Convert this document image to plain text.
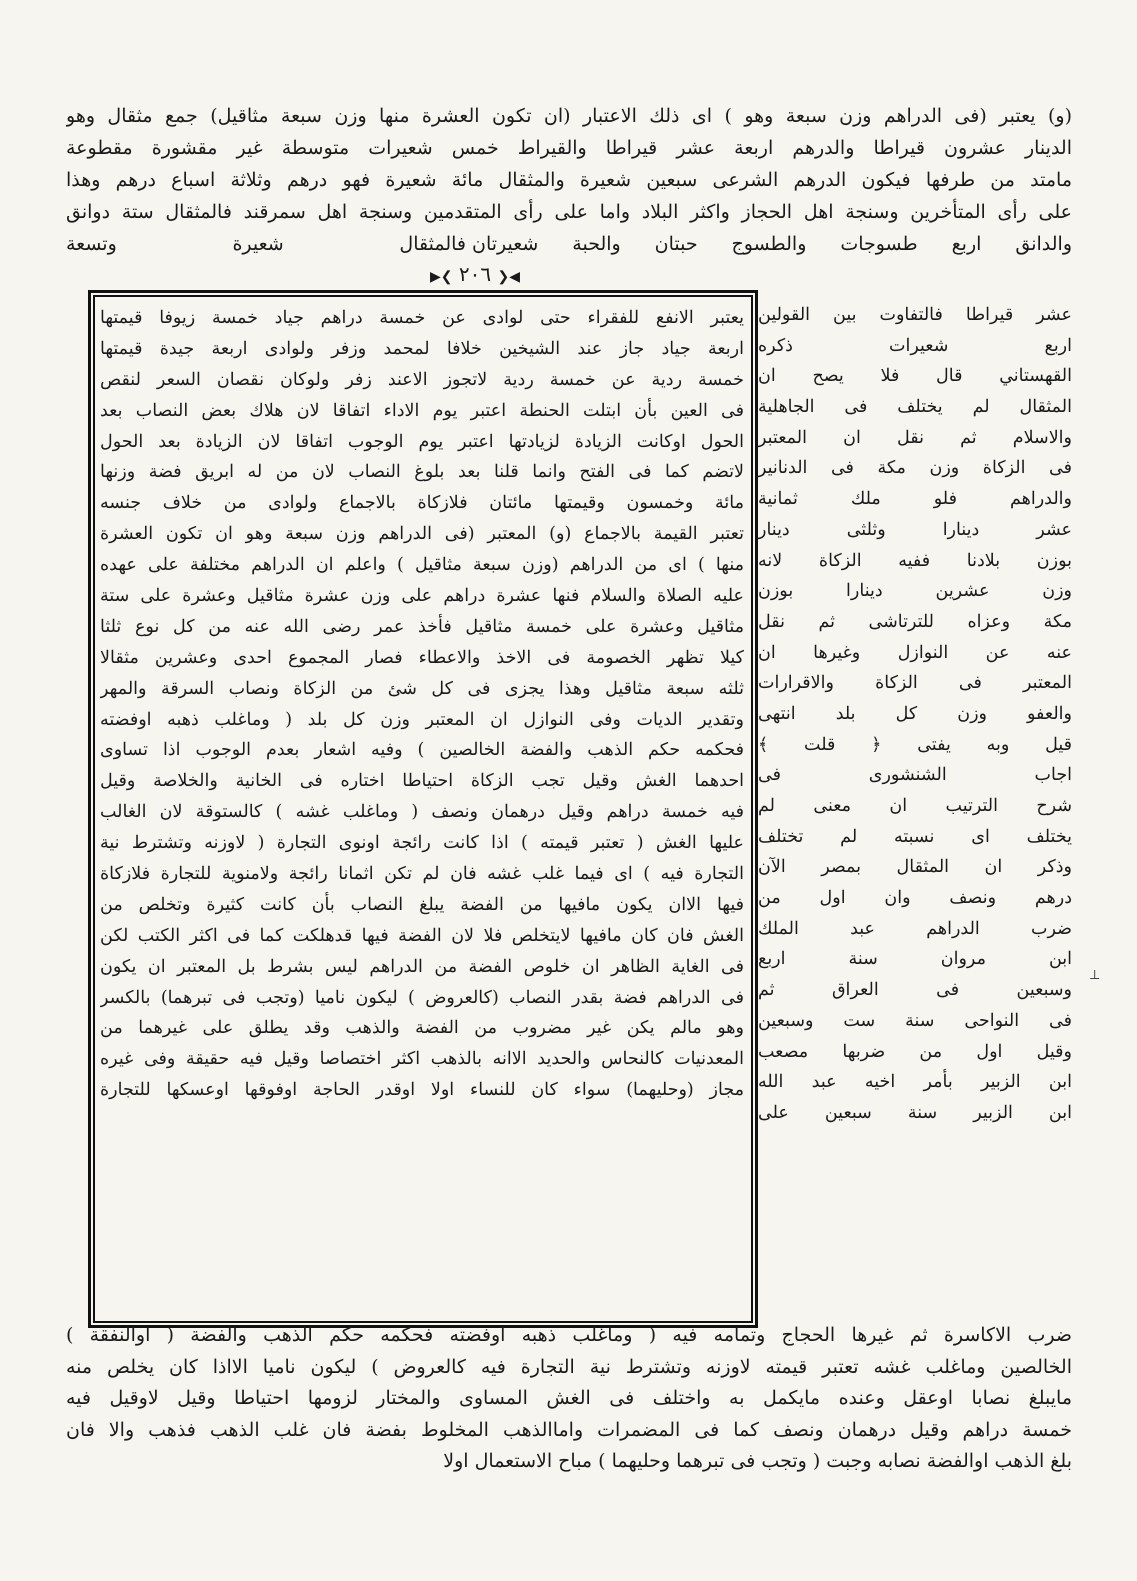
(و) يعتبر (فى الدراهم وزن سبعة وهو ) اى ذلك الاعتبار (ان تكون العشرة منها وزن سبعة مثاقيل) جمع مثقال وهو
الدينار عشرون قيراطا والدرهم اربعة عشر قيراطا والقيراط خمس شعيرات متوسطة غير مقشورة مقطوعة
مامتد من طرفها فيكون الدرهم الشرعى سبعين شعيرة والمثقال مائة شعيرة فهو درهم وثلاثة اسباع درهم وهذا
على رأى المتأخرين وسنجة اهل الحجاز واكثر البلاد واما على رأى المتقدمين وسنجة اهل سمرقند فالمثقال ستة دوانق
والدانق اربع طسوجات والطسوج حبتان والحبة شعيرتان
فالمثقال شعيرة وتسعة
◀❮ ٢٠٦ ❯▶
يعتبر الانفع للفقراء حتى لوادى عن خمسة دراهم جياد خمسة زيوفا قيمتها
اربعة جياد جاز عند الشيخين خلافا لمحمد وزفر ولوادى اربعة جيدة قيمتها
خمسة ردية عن خمسة ردية لاتجوز الاعند زفر ولوكان نقصان السعر لنقص
فى العين بأن ابتلت الحنطة اعتبر يوم الاداء اتفاقا لان هلاك بعض النصاب بعد
الحول اوكانت الزيادة لزيادتها اعتبر يوم الوجوب اتفاقا لان الزيادة بعد الحول
لاتضم كما فى الفتح وانما قلنا بعد بلوغ النصاب لان من له ابريق فضة وزنها
مائة وخمسون وقيمتها مائتان فلازكاة بالاجماع ولوادى من خلاف جنسه
تعتبر القيمة بالاجماع (و) المعتبر (فى الدراهم وزن سبعة وهو ان تكون العشرة
منها ) اى من الدراهم (وزن سبعة مثاقيل ) واعلم ان الدراهم مختلفة على عهده
عليه الصلاة والسلام فنها عشرة دراهم على وزن عشرة مثاقيل وعشرة على ستة
مثاقيل وعشرة على خمسة مثاقيل فأخذ عمر رضى الله عنه من كل نوع ثلثا
كيلا تظهر الخصومة فى الاخذ والاعطاء فصار المجموع احدى وعشرين مثقالا
ثلثه سبعة مثاقيل وهذا يجزى فى كل شئ من الزكاة ونصاب السرقة والمهر
وتقدير الديات وفى النوازل ان المعتبر وزن كل بلد ( وماغلب ذهبه اوفضته
فحكمه حكم الذهب والفضة الخالصين ) وفيه اشعار بعدم الوجوب اذا تساوى
احدهما الغش وقيل تجب الزكاة احتياطا اختاره فى الخانية والخلاصة وقيل
فيه خمسة دراهم وقيل درهمان ونصف ( وماغلب غشه ) كالستوقة لان الغالب
عليها الغش ( تعتبر قيمته ) اذا كانت رائجة اونوى التجارة ( لاوزنه وتشترط نية
التجارة فيه ) اى فيما غلب غشه فان لم تكن اثمانا رائجة ولامنوية للتجارة فلازكاة
فيها الاان يكون مافيها من الفضة يبلغ النصاب بأن كانت كثيرة وتخلص من
الغش فان كان مافيها لايتخلص فلا لان الفضة فيها قدهلكت كما فى اكثر الكتب لكن
فى الغاية الظاهر ان خلوص الفضة من الدراهم ليس بشرط بل المعتبر ان يكون
فى الدراهم فضة بقدر النصاب (كالعروض ) ليكون ناميا (وتجب فى تبرهما) بالكسر
وهو مالم يكن غير مضروب من الفضة والذهب وقد يطلق على غيرهما من
المعدنيات كالنحاس والحديد الاانه بالذهب اكثر اختصاصا وقيل فيه حقيقة وفى غيره
مجاز (وحليهما) سواء كان للنساء اولا اوقدر الحاجة اوفوقها اوعسكها للتجارة
عشر قيراطا فالتفاوت بين القولين
اربع شعيرات ذكره
القهستاني قال فلا يصح ان
المثقال لم يختلف فى الجاهلية
والاسلام ثم نقل ان المعتبر
فى الزكاة وزن مكة فى الدنانير
والدراهم فلو ملك ثمانية
عشر دينارا وثلثى دينار
بوزن بلادنا ففيه الزكاة لانه
وزن عشرين دينارا بوزن
مكة وعزاه للترتاشى ثم نقل
عنه عن النوازل وغيرها ان
المعتبر فى الزكاة والاقرارات
والعفو وزن كل بلد انتهى
قيل وبه يفتى ﴿ قلت ﴾
اجاب الشنشورى فى
شرح الترتيب ان معنى لم
يختلف اى نسبته لم تختلف
وذكر ان المثقال بمصر الآن
درهم ونصف وان اول من
ضرب الدراهم عبد الملك
ابن مروان سنة اربع
وسبعين فى العراق ثم
فى النواحى سنة ست وسبعين
وقيل اول من ضربها مصعب
ابن الزبير بأمر اخيه عبد الله
ابن الزبير سنة سبعين على
ضرب الاكاسرة ثم غيرها الحجاج وتمامه فيه ( وماغلب ذهبه اوفضته فحكمه حكم الذهب والفضة ( اوالنفقة )
الخالصين وماغلب غشه تعتبر قيمته لاوزنه وتشترط نية التجارة فيه كالعروض ) ليكون ناميا الااذا كان يخلص منه
مايبلغ نصابا اوعقل وعنده مايكمل به واختلف فى الغش المساوى والمختار لزومها احتياطا وقيل لاوقيل فيه
خمسة دراهم وقيل درهمان ونصف كما فى المضمرات واماالذهب المخلوط بفضة فان غلب الذهب فذهب والا فان
بلغ الذهب اوالفضة نصابه وجبت ( وتجب فى تبرهما وحليهما ) مباح الاستعمال اولا
⟂
